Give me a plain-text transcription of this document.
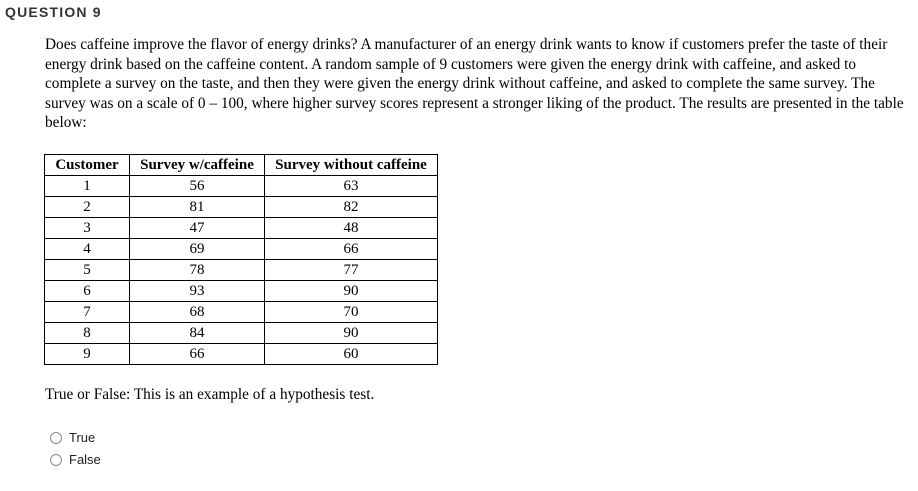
QUESTION 9

Does caffeine improve the flavor of energy drinks? A manufacturer of an energy drink wants to know if customers prefer the taste of their energy drink based on the caffeine content. A random sample of 9 customers were given the energy drink with caffeine, and asked to complete a survey on the taste, and then they were given the energy drink without caffeine, and asked to complete the same survey. The survey was on a scale of 0 – 100, where higher survey scores represent a stronger liking of the product. The results are presented in the table below:

Customer	Survey w/caffeine	Survey without caffeine
1	56	63
2	81	82
3	47	48
4	69	66
5	78	77
6	93	90
7	68	70
8	84	90
9	66	60

True or False: This is an example of a hypothesis test.

True
False
